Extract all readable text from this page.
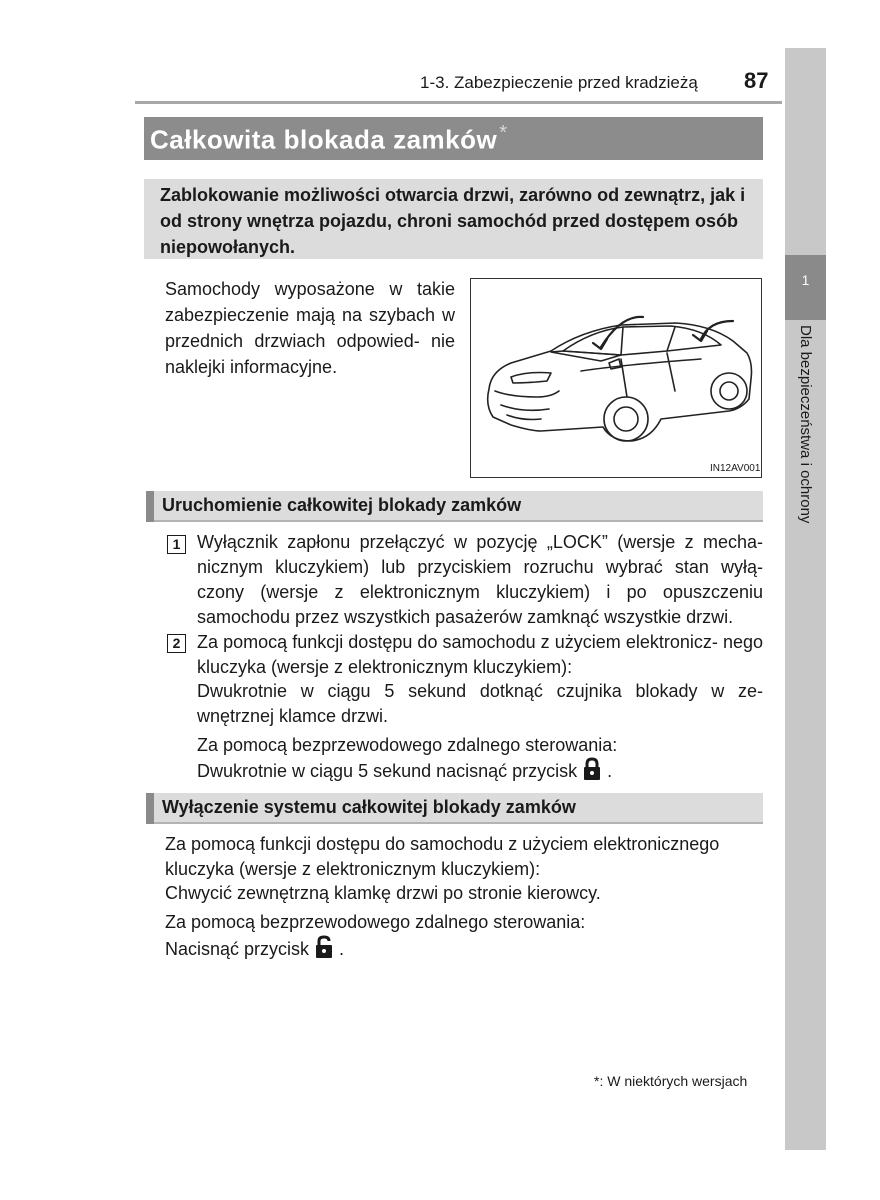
1-3. Zabezpieczenie przed kradzieżą 87
1
Dla bezpieczeństwa i ochrony
Całkowita blokada zamków *
Zablokowanie możliwości otwarcia drzwi, zarówno od zewnątrz, jak i od strony wnętrza pojazdu, chroni samochód przed dostępem osób niepowołanych.
Samochody wyposażone w takie zabezpieczenie mają na szybach w przednich drzwiach odpowied- nie naklejki informacyjne.
IN12AV001
Uruchomienie całkowitej blokady zamków
1 Wyłącznik zapłonu przełączyć w pozycję „LOCK” (wersje z mecha- nicznym kluczykiem) lub przyciskiem rozruchu wybrać stan wyłą- czony (wersje z elektronicznym kluczykiem) i po opuszczeniu samochodu przez wszystkich pasażerów zamknąć wszystkie drzwi.
2 Za pomocą funkcji dostępu do samochodu z użyciem elektronicz- nego kluczyka (wersje z elektronicznym kluczykiem):
Dwukrotnie w ciągu 5 sekund dotknąć czujnika blokady w ze- wnętrznej klamce drzwi.
Za pomocą bezprzewodowego zdalnego sterowania:
Dwukrotnie w ciągu 5 sekund nacisnąć przycisk .
Wyłączenie systemu całkowitej blokady zamków
Za pomocą funkcji dostępu do samochodu z użyciem elektronicznego kluczyka (wersje z elektronicznym kluczykiem):
Chwycić zewnętrzną klamkę drzwi po stronie kierowcy.
Za pomocą bezprzewodowego zdalnego sterowania:
Nacisnąć przycisk .
*: W niektórych wersjach
